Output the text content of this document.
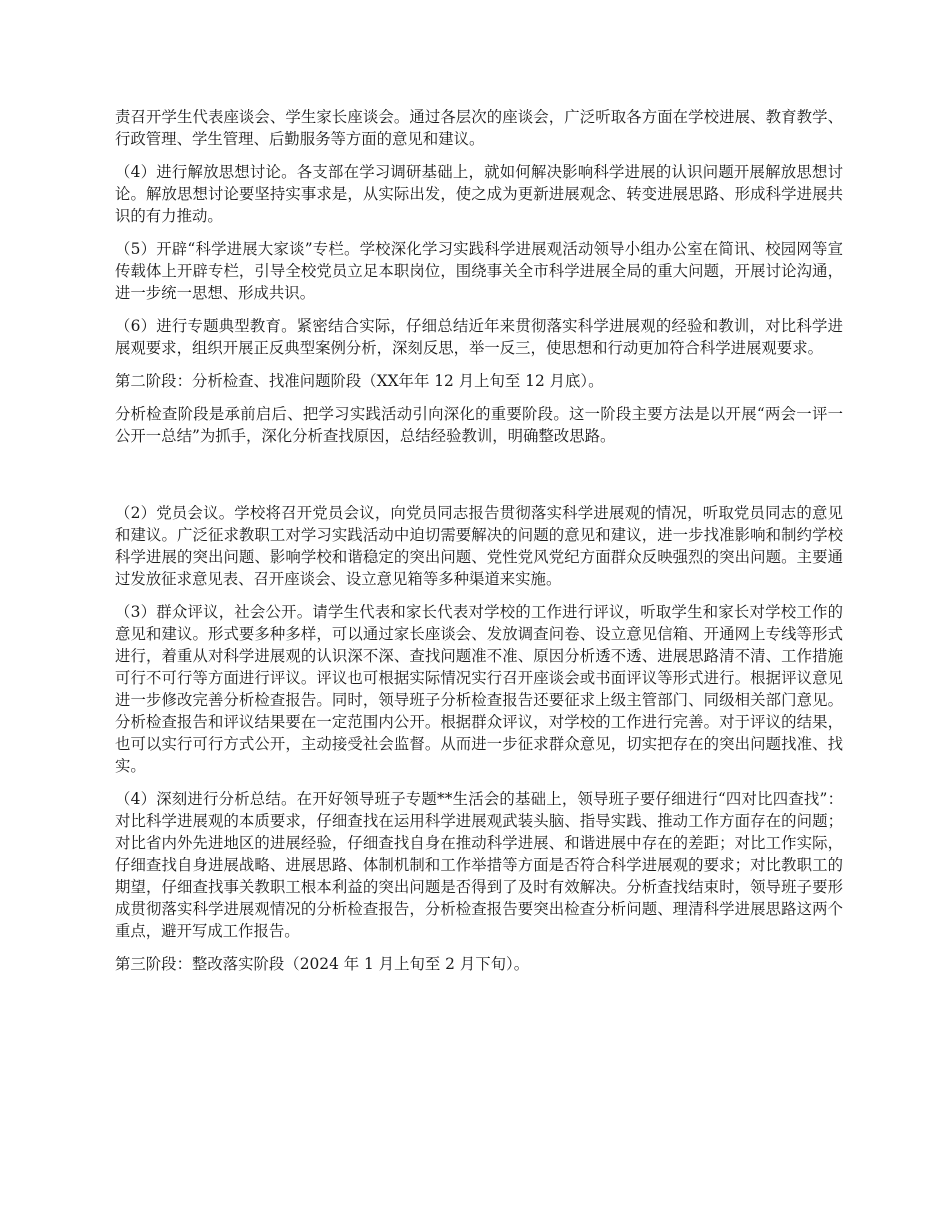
责召开学生代表座谈会、学生家长座谈会。通过各层次的座谈会，广泛听取各方面在学校进展、教育教学、行政管理、学生管理、后勤服务等方面的意见和建议。

（4）进行解放思想讨论。各支部在学习调研基础上，就如何解决影响科学进展的认识问题开展解放思想讨论。解放思想讨论要坚持实事求是，从实际出发，使之成为更新进展观念、转变进展思路、形成科学进展共识的有力推动。

（5）开辟“科学进展大家谈”专栏。学校深化学习实践科学进展观活动领导小组办公室在简讯、校园网等宣传载体上开辟专栏，引导全校党员立足本职岗位，围绕事关全市科学进展全局的重大问题，开展讨论沟通，进一步统一思想、形成共识。

（6）进行专题典型教育。紧密结合实际，仔细总结近年来贯彻落实科学进展观的经验和教训，对比科学进展观要求，组织开展正反典型案例分析，深刻反思，举一反三，使思想和行动更加符合科学进展观要求。

第二阶段：分析检查、找准问题阶段（XX年年 12 月上旬至 12 月底）。

分析检查阶段是承前启后、把学习实践活动引向深化的重要阶段。这一阶段主要方法是以开展“两会一评一公开一总结”为抓手，深化分析查找原因，总结经验教训，明确整改思路。

（2）党员会议。学校将召开党员会议，向党员同志报告贯彻落实科学进展观的情况，听取党员同志的意见和建议。广泛征求教职工对学习实践活动中迫切需要解决的问题的意见和建议，进一步找准影响和制约学校科学进展的突出问题、影响学校和谐稳定的突出问题、党性党风党纪方面群众反映强烈的突出问题。主要通过发放征求意见表、召开座谈会、设立意见箱等多种渠道来实施。

（3）群众评议，社会公开。请学生代表和家长代表对学校的工作进行评议，听取学生和家长对学校工作的意见和建议。形式要多种多样，可以通过家长座谈会、发放调查问卷、设立意见信箱、开通网上专线等形式进行，着重从对科学进展观的认识深不深、查找问题准不准、原因分析透不透、进展思路清不清、工作措施可行不可行等方面进行评议。评议也可根据实际情况实行召开座谈会或书面评议等形式进行。根据评议意见进一步修改完善分析检查报告。同时，领导班子分析检查报告还要征求上级主管部门、同级相关部门意见。分析检查报告和评议结果要在一定范围内公开。根据群众评议，对学校的工作进行完善。对于评议的结果，也可以实行可行方式公开，主动接受社会监督。从而进一步征求群众意见，切实把存在的突出问题找准、找实。

（4）深刻进行分析总结。在开好领导班子专题**生活会的基础上，领导班子要仔细进行“四对比四查找”：对比科学进展观的本质要求，仔细查找在运用科学进展观武装头脑、指导实践、推动工作方面存在的问题；对比省内外先进地区的进展经验，仔细查找自身在推动科学进展、和谐进展中存在的差距；对比工作实际，仔细查找自身进展战略、进展思路、体制机制和工作举措等方面是否符合科学进展观的要求；对比教职工的期望，仔细查找事关教职工根本利益的突出问题是否得到了及时有效解决。分析查找结束时，领导班子要形成贯彻落实科学进展观情况的分析检查报告，分析检查报告要突出检查分析问题、理清科学进展思路这两个重点，避开写成工作报告。

第三阶段：整改落实阶段（2024 年 1 月上旬至 2 月下旬）。
